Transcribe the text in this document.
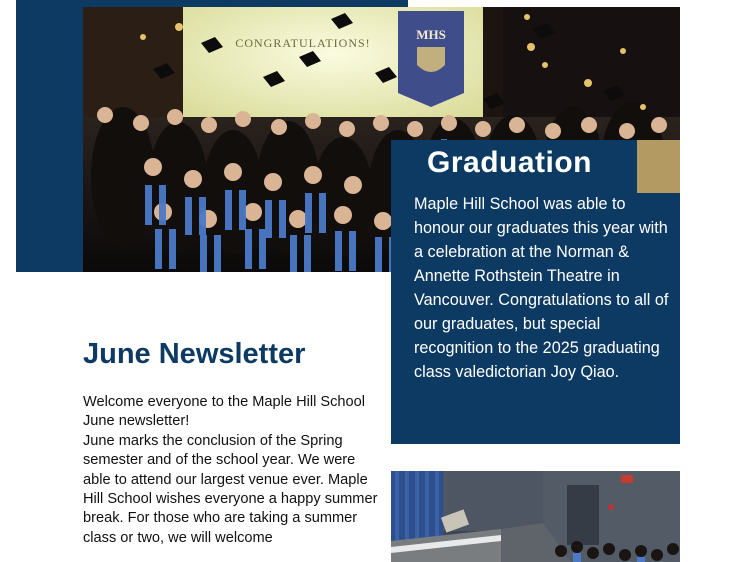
MHS
CONGRATULATIONS!
Graduation

Maple Hill School was able to honour our graduates this year with a celebration at the Norman & Annette Rothstein Theatre in Vancouver. Congratulations to all of our graduates, but special recognition to the 2025 graduating class valedictorian Joy Qiao.

June Newsletter

Welcome everyone to the Maple Hill School June newsletter!

June marks the conclusion of the Spring semester and of the school year. We were able to attend our largest venue ever. Maple Hill School wishes everyone a happy summer break. For those who are taking a summer class or two, we will welcome
